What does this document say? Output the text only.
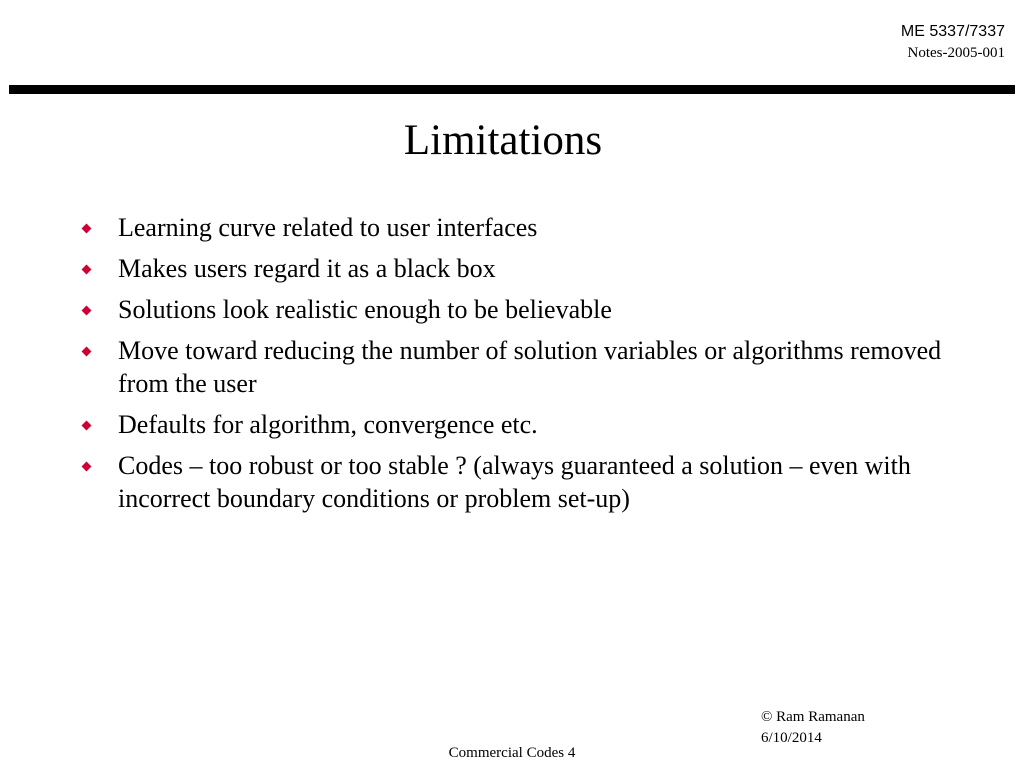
ME 5337/7337
Notes-2005-001
Limitations
Learning curve related to user interfaces
Makes users regard it as a black box
Solutions look realistic enough to be believable
Move toward reducing the number of solution variables or algorithms removed from the user
Defaults for algorithm, convergence etc.
Codes – too robust or too stable ? (always guaranteed a solution – even with incorrect boundary conditions or problem set-up)
© Ram Ramanan
6/10/2014
Commercial Codes 4
